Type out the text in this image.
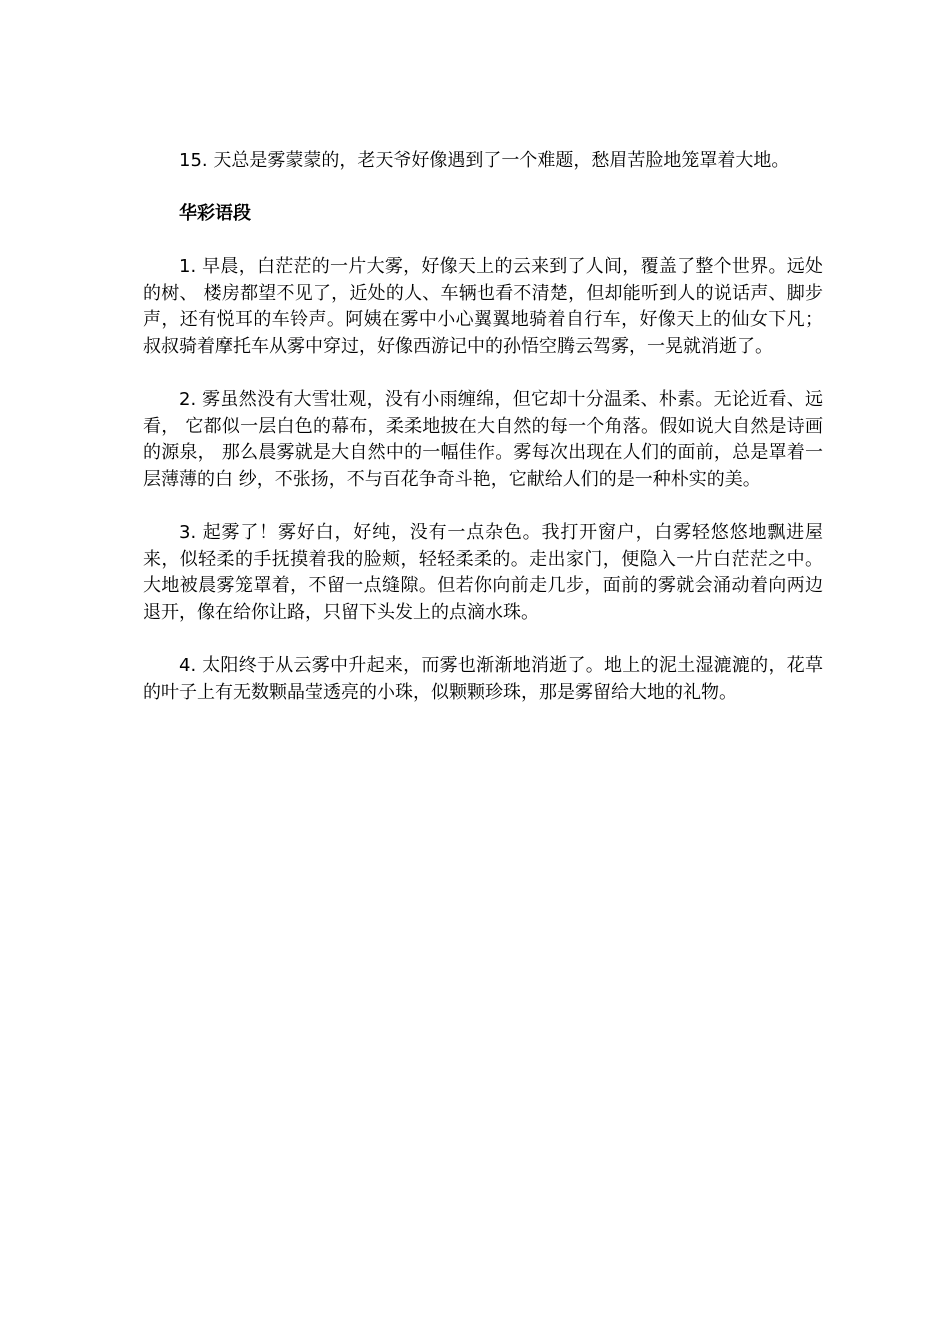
15. 天总是雾蒙蒙的，老天爷好像遇到了一个难题，愁眉苦脸地笼罩着大地。

华彩语段

1. 早晨，白茫茫的一片大雾，好像天上的云来到了人间，覆盖了整个世界。远处的树、 楼房都望不见了，近处的人、车辆也看不清楚，但却能听到人的说话声、脚步声，还有悦耳的车铃声。阿姨在雾中小心翼翼地骑着自行车，好像天上的仙女下凡；叔叔骑着摩托车从雾中穿过，好像西游记中的孙悟空腾云驾雾，一晃就消逝了。

2. 雾虽然没有大雪壮观，没有小雨缠绵，但它却十分温柔、朴素。无论近看、远看， 它都似一层白色的幕布，柔柔地披在大自然的每一个角落。假如说大自然是诗画的源泉， 那么晨雾就是大自然中的一幅佳作。雾每次出现在人们的面前，总是罩着一层薄薄的白 纱，不张扬，不与百花争奇斗艳，它献给人们的是一种朴实的美。

3. 起雾了！雾好白，好纯，没有一点杂色。我打开窗户，白雾轻悠悠地飘进屋来，似轻柔的手抚摸着我的脸颊，轻轻柔柔的。走出家门，便隐入一片白茫茫之中。大地被晨雾笼罩着，不留一点缝隙。但若你向前走几步，面前的雾就会涌动着向两边退开，像在给你让路，只留下头发上的点滴水珠。

4. 太阳终于从云雾中升起来，而雾也渐渐地消逝了。地上的泥土湿漉漉的，花草的叶子上有无数颗晶莹透亮的小珠，似颗颗珍珠，那是雾留给大地的礼物。
